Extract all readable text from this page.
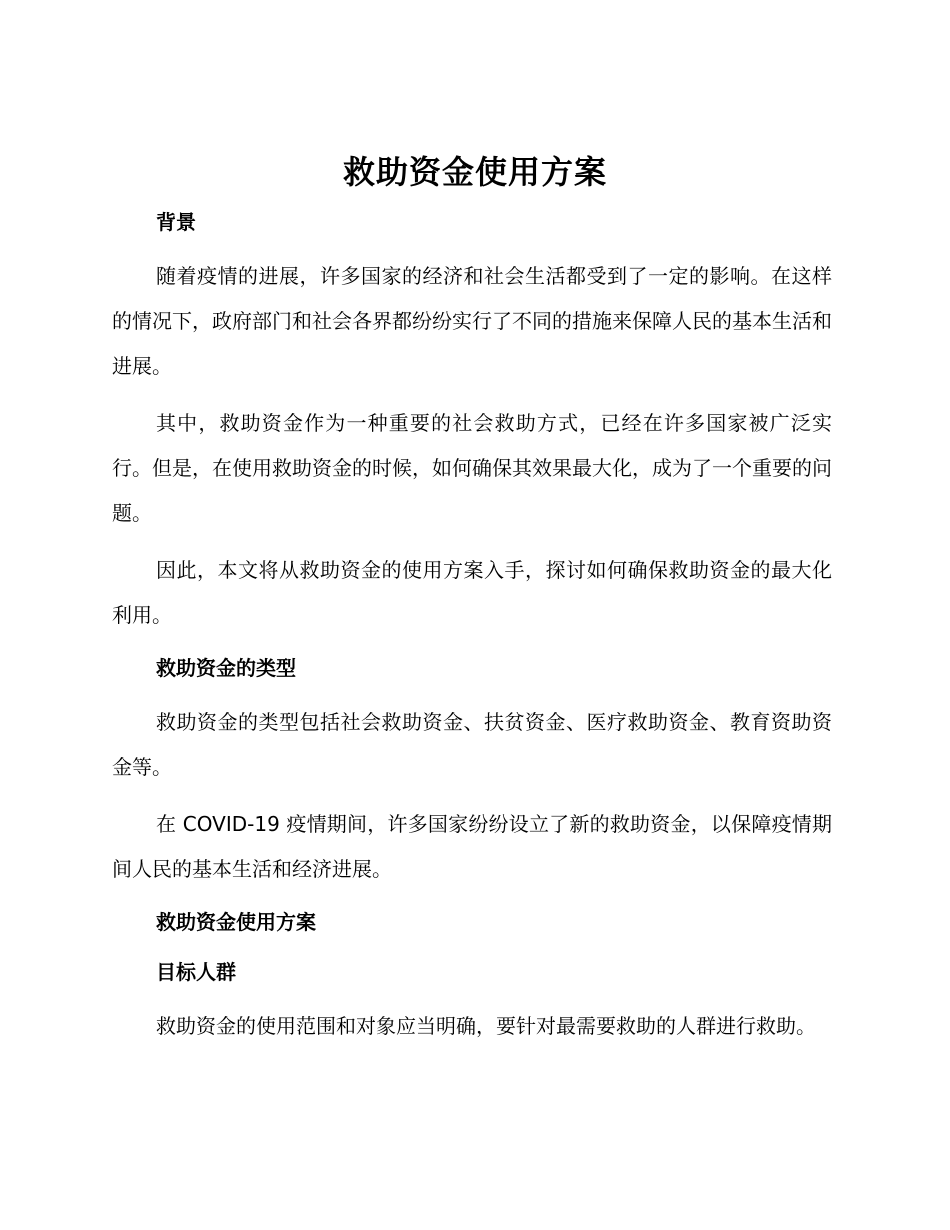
救助资金使用方案

背景

随着疫情的进展，许多国家的经济和社会生活都受到了一定的影响。在这样的情况下，政府部门和社会各界都纷纷实行了不同的措施来保障人民的基本生活和进展。

其中，救助资金作为一种重要的社会救助方式，已经在许多国家被广泛实行。但是，在使用救助资金的时候，如何确保其效果最大化，成为了一个重要的问题。

因此，本文将从救助资金的使用方案入手，探讨如何确保救助资金的最大化利用。

救助资金的类型

救助资金的类型包括社会救助资金、扶贫资金、医疗救助资金、教育资助资金等。

在 COVID-19 疫情期间，许多国家纷纷设立了新的救助资金，以保障疫情期间人民的基本生活和经济进展。

救助资金使用方案

目标人群

救助资金的使用范围和对象应当明确，要针对最需要救助的人群进行救助。
